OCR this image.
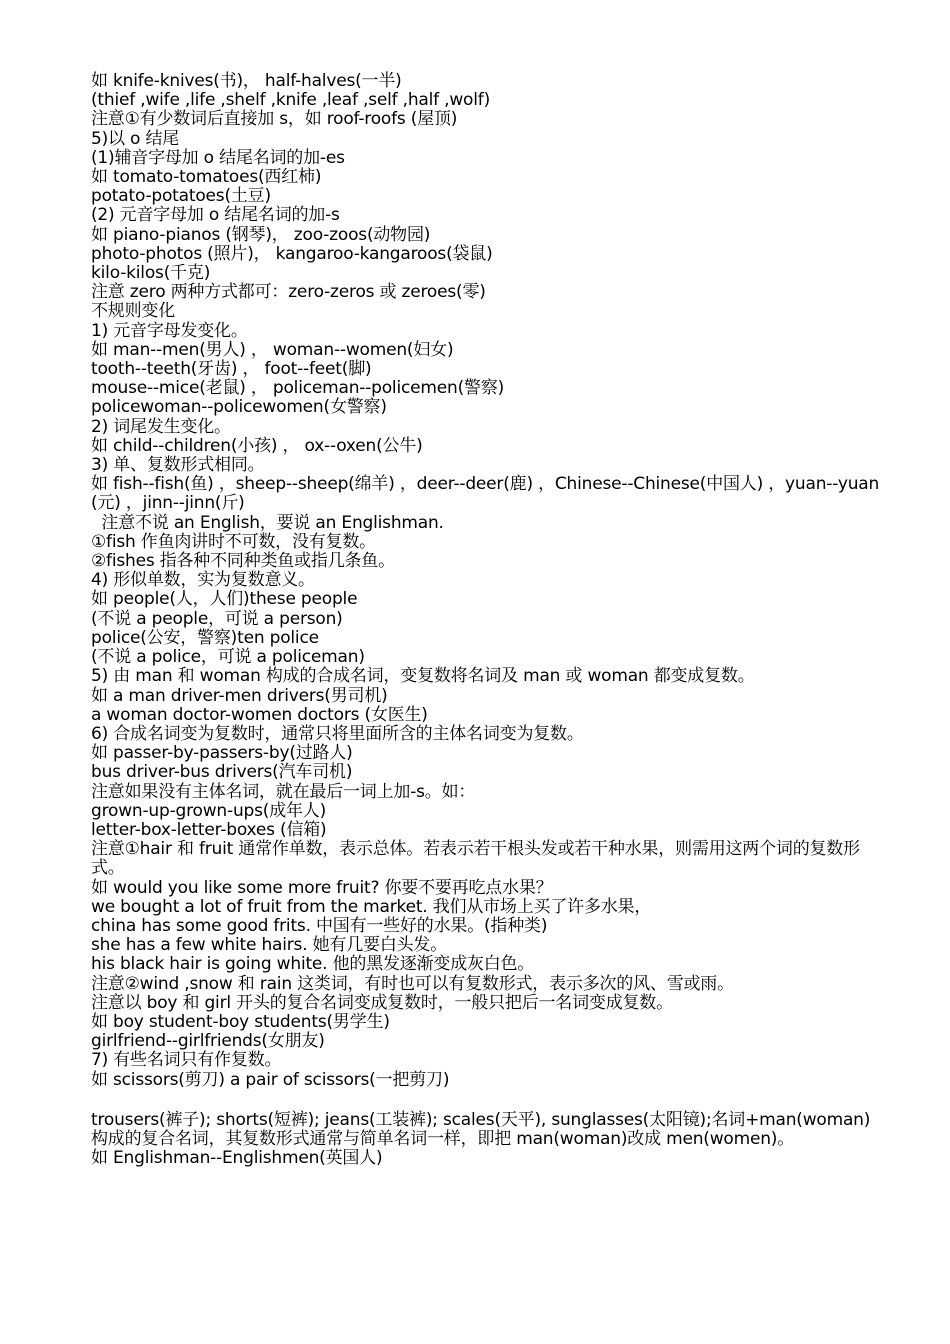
如 knife-knives(书)， half-halves(一半)
(thief ,wife ,life ,shelf ,knife ,leaf ,self ,half ,wolf)
注意①有少数词后直接加 s，如 roof-roofs (屋顶)
5)以 o 结尾
(1)辅音字母加 o 结尾名词的加-es
如 tomato-tomatoes(西红柿)
potato-potatoes(土豆)
(2) 元音字母加 o 结尾名词的加-s
如 piano-pianos (钢琴)， zoo-zoos(动物园)
photo-photos (照片)， kangaroo-kangaroos(袋鼠)
kilo-kilos(千克)
注意 zero 两种方式都可：zero-zeros 或 zeroes(零)
不规则变化
1) 元音字母发变化。
如 man--men(男人) ， woman--women(妇女)
tooth--teeth(牙齿) ， foot--feet(脚)
mouse--mice(老鼠) ， policeman--policemen(警察)
policewoman--policewomen(女警察)
2) 词尾发生变化。
如 child--children(小孩) ， ox--oxen(公牛)
3) 单、复数形式相同。
如 fish--fish(鱼) ，sheep--sheep(绵羊) ，deer--deer(鹿) ，Chinese--Chinese(中国人) ，yuan--yuan(元) ，jinn--jinn(斤)
注意不说 an English，要说 an Englishman.
①fish 作鱼肉讲时不可数，没有复数。
②fishes 指各种不同种类鱼或指几条鱼。
4) 形似单数，实为复数意义。
如 people(人，人们)these people
(不说 a people，可说 a person)
police(公安，警察)ten police
(不说 a police，可说 a policeman)
5) 由 man 和 woman 构成的合成名词，变复数将名词及 man 或 woman 都变成复数。
如 a man driver-men drivers(男司机)
a woman doctor-women doctors (女医生)
6) 合成名词变为复数时，通常只将里面所含的主体名词变为复数。
如 passer-by-passers-by(过路人)
bus driver-bus drivers(汽车司机)
注意如果没有主体名词，就在最后一词上加-s。如：
grown-up-grown-ups(成年人)
letter-box-letter-boxes (信箱)
注意①hair 和 fruit 通常作单数，表示总体。若表示若干根头发或若干种水果，则需用这两个词的复数形式。
如 would you like some more fruit? 你要不要再吃点水果？
we bought a lot of fruit from the market. 我们从市场上买了许多水果，
china has some good frits. 中国有一些好的水果。(指种类)
she has a few white hairs. 她有几要白头发。
his black hair is going white. 他的黑发逐渐变成灰白色。
注意②wind ,snow 和 rain 这类词，有时也可以有复数形式，表示多次的风、雪或雨。
注意以 boy 和 girl 开头的复合名词变成复数时，一般只把后一名词变成复数。
如 boy student-boy students(男学生)
girlfriend--girlfriends(女朋友)
7) 有些名词只有作复数。
如 scissors(剪刀) a pair of scissors(一把剪刀)
trousers(裤子); shorts(短裤); jeans(工装裤); scales(天平), sunglasses(太阳镜);名词+man(woman)构成的复合名词，其复数形式通常与简单名词一样，即把 man(woman)改成 men(women)。
如 Englishman--Englishmen(英国人)
